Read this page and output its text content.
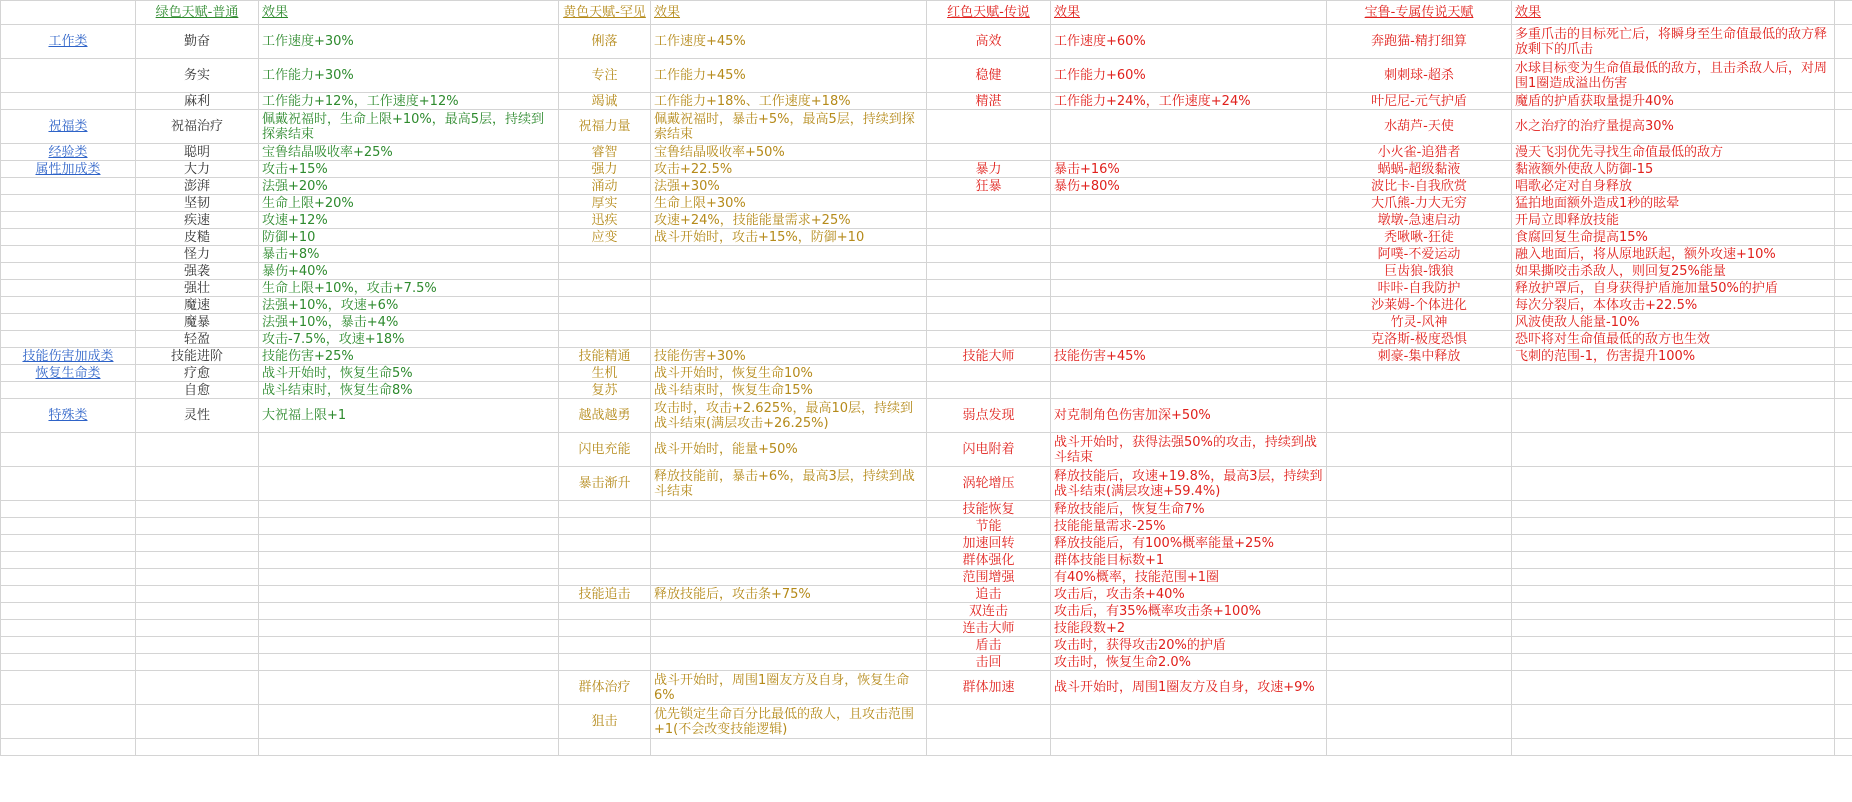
	绿色天赋-普通	效果	黄色天赋-罕见	效果	红色天赋-传说	效果	宝鲁-专属传说天赋	效果	
工作类	勤奋	工作速度+30%	俐落	工作速度+45%	高效	工作速度+60%	奔跑猫-精打细算	多重爪击的目标死亡后，将瞬身至生命值最低的敌方释放剩下的爪击	
	务实	工作能力+30%	专注	工作能力+45%	稳健	工作能力+60%	刺刺球-超杀	水球目标变为生命值最低的敌方，且击杀敌人后，对周围1圈造成溢出伤害	
	麻利	工作能力+12%，工作速度+12%	竭诚	工作能力+18%、工作速度+18%	精湛	工作能力+24%，工作速度+24%	叶尼尼-元气护盾	魔盾的护盾获取量提升40%	
祝福类	祝福治疗	佩戴祝福时，生命上限+10%，最高5层，持续到探索结束	祝福力量	佩戴祝福时，暴击+5%，最高5层，持续到探索结束			水葫芦-天使	水之治疗的治疗量提高30%	
经验类	聪明	宝鲁结晶吸收率+25%	睿智	宝鲁结晶吸收率+50%			小火雀-追猎者	漫天飞羽优先寻找生命值最低的敌方	
属性加成类	大力	攻击+15%	强力	攻击+22.5%	暴力	暴击+16%	蜗蜗-超级黏液	黏液额外使敌人防御-15	
	澎湃	法强+20%	涌动	法强+30%	狂暴	暴伤+80%	波比卡-自我欣赏	唱歌必定对自身释放	
	坚韧	生命上限+20%	厚实	生命上限+30%			大爪熊-力大无穷	猛拍地面额外造成1秒的眩晕	
	疾速	攻速+12%	迅疾	攻速+24%，技能能量需求+25%			墩墩-急速启动	开局立即释放技能	
	皮糙	防御+10	应变	战斗开始时，攻击+15%，防御+10			秃啾啾-狂徒	食腐回复生命提高15%	
	怪力	暴击+8%					阿噗-不爱运动	融入地面后，将从原地跃起，额外攻速+10%	
	强袭	暴伤+40%					巨齿狼-饿狼	如果撕咬击杀敌人，则回复25%能量	
	强壮	生命上限+10%，攻击+7.5%					咔咔-自我防护	释放护罩后，自身获得护盾施加量50%的护盾	
	魔速	法强+10%，攻速+6%					沙莱姆-个体进化	每次分裂后，本体攻击+22.5%	
	魔暴	法强+10%，暴击+4%					竹灵-风神	风波使敌人能量-10%	
	轻盈	攻击-7.5%，攻速+18%					克洛斯-极度恐惧	恐吓将对生命值最低的敌方也生效	
技能伤害加成类	技能进阶	技能伤害+25%	技能精通	技能伤害+30%	技能大师	技能伤害+45%	刺豪-集中释放	飞刺的范围-1，伤害提升100%	
恢复生命类	疗愈	战斗开始时，恢复生命5%	生机	战斗开始时，恢复生命10%					
	自愈	战斗结束时，恢复生命8%	复苏	战斗结束时，恢复生命15%					
特殊类	灵性	大祝福上限+1	越战越勇	攻击时，攻击+2.625%，最高10层，持续到战斗结束(满层攻击+26.25%)	弱点发现	对克制角色伤害加深+50%			
			闪电充能	战斗开始时，能量+50%	闪电附着	战斗开始时，获得法强50%的攻击，持续到战斗结束			
			暴击渐升	释放技能前，暴击+6%，最高3层，持续到战斗结束	涡轮增压	释放技能后，攻速+19.8%，最高3层，持续到战斗结束(满层攻速+59.4%)			
					技能恢复	释放技能后，恢复生命7%			
					节能	技能能量需求-25%			
					加速回转	释放技能后，有100%概率能量+25%			
					群体强化	群体技能目标数+1			
					范围增强	有40%概率，技能范围+1圈			
			技能追击	释放技能后，攻击条+75%	追击	攻击后，攻击条+40%			
					双连击	攻击后，有35%概率攻击条+100%			
					连击大师	技能段数+2			
					盾击	攻击时，获得攻击20%的护盾			
					击回	攻击时，恢复生命2.0%			
			群体治疗	战斗开始时，周围1圈友方及自身，恢复生命6%	群体加速	战斗开始时，周围1圈友方及自身，攻速+9%			
			狙击	优先锁定生命百分比最低的敌人，且攻击范围+1(不会改变技能逻辑)					
